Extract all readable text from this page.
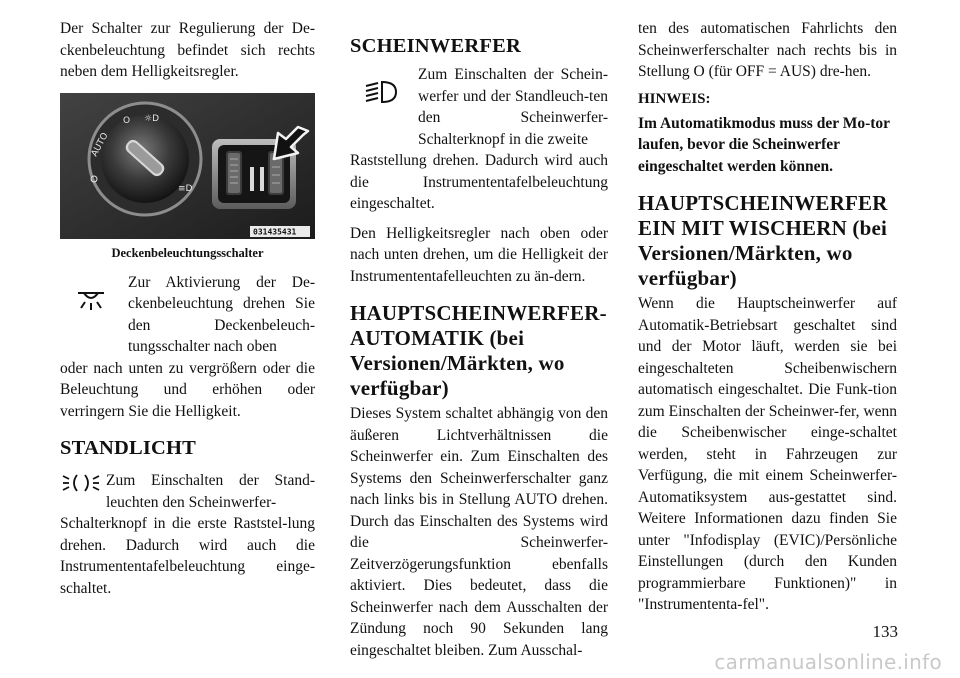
Der Schalter zur Regulierung der De-ckenbeleuchtung befindet sich rechts neben dem Helligkeitsregler.

AUTO
O ☼D
≡D
031435431
Deckenbeleuchtungsschalter

Zur Aktivierung der De-ckenbeleuchtung drehen Sie den Deckenbeleuch-tungsschalter nach oben

oder nach unten zu vergrößern oder die Beleuchtung und erhöhen oder verringern Sie die Helligkeit.

STANDLICHT

Zum Einschalten der Stand-leuchten den Scheinwerfer-

Schalterknopf in die erste Raststel-lung drehen. Dadurch wird auch die Instrumententafelbeleuchtung einge-schaltet.

SCHEINWERFER

Zum Einschalten der Schein-werfer und der Standleuch-ten den Scheinwerfer-Schalterknopf in die zweite

Raststellung drehen. Dadurch wird auch die Instrumententafelbeleuchtung eingeschaltet.

Den Helligkeitsregler nach oben oder nach unten drehen, um die Helligkeit der Instrumententafelleuchten zu än-dern.

HAUPTSCHEINWERFER-AUTOMATIK (bei Versionen/Märkten, wo verfügbar)

Dieses System schaltet abhängig von den äußeren Lichtverhältnissen die Scheinwerfer ein. Zum Einschalten des Systems den Scheinwerferschalter ganz nach links bis in Stellung AUTO drehen. Durch das Einschalten des Systems wird die Scheinwerfer-Zeitverzögerungsfunktion ebenfalls aktiviert. Dies bedeutet, dass die Scheinwerfer nach dem Ausschalten der Zündung noch 90 Sekunden lang eingeschaltet bleiben. Zum Ausschal-

ten des automatischen Fahrlichts den Scheinwerferschalter nach rechts bis in Stellung O (für OFF = AUS) dre-hen.

HINWEIS:

Im Automatikmodus muss der Mo-tor laufen, bevor die Scheinwerfer eingeschaltet werden können.

HAUPTSCHEINWERFER EIN MIT WISCHERN (bei Versionen/Märkten, wo verfügbar)

Wenn die Hauptscheinwerfer auf Automatik-Betriebsart geschaltet sind und der Motor läuft, werden sie bei eingeschalteten Scheibenwischern automatisch eingeschaltet. Die Funk-tion zum Einschalten der Scheinwer-fer, wenn die Scheibenwischer einge-schaltet werden, steht in Fahrzeugen zur Verfügung, die mit einem Scheinwerfer-Automatiksystem aus-gestattet sind. Weitere Informationen dazu finden Sie unter "Infodisplay (EVIC)/Persönliche Einstellungen (durch den Kunden programmierbare Funktionen)" in "Instrumententa-fel".

133
carmanualsonline.info
